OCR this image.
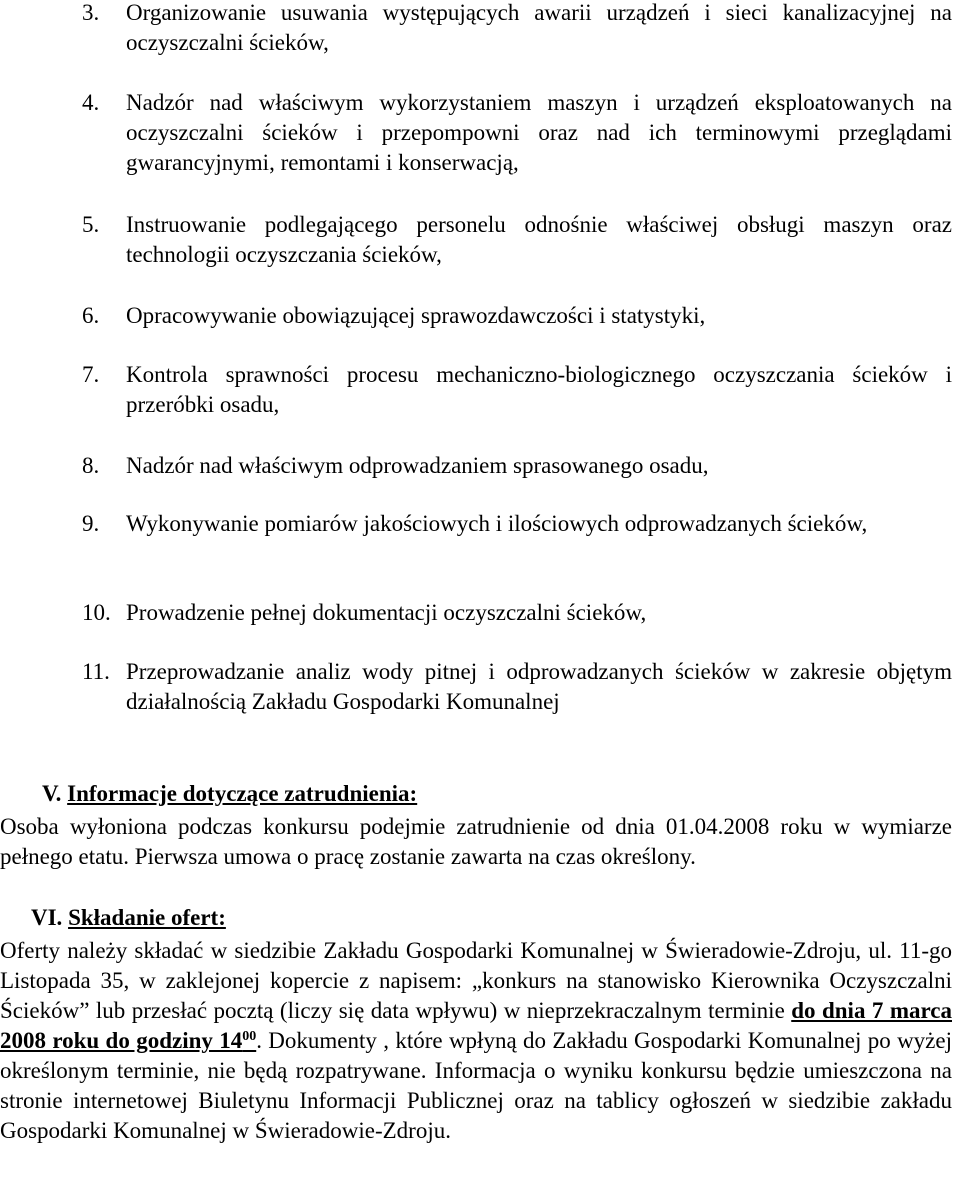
3.	Organizowanie usuwania występujących awarii urządzeń i sieci kanalizacyjnej na oczyszczalni ścieków,
4.	Nadzór nad właściwym wykorzystaniem maszyn i urządzeń eksploatowanych na oczyszczalni ścieków i przepompowni oraz nad ich terminowymi przeglądami gwarancyjnymi, remontami i konserwacją,
5.	Instruowanie podlegającego personelu odnośnie właściwej obsługi maszyn oraz technologii oczyszczania ścieków,
6.	Opracowywanie obowiązującej sprawozdawczości i statystyki,
7.	Kontrola sprawności procesu mechaniczno-biologicznego oczyszczania ścieków i przeróbki osadu,
8.	Nadzór nad właściwym odprowadzaniem sprasowanego osadu,
9.	Wykonywanie pomiarów jakościowych i ilościowych odprowadzanych ścieków,
10. Prowadzenie pełnej dokumentacji oczyszczalni ścieków,
11. Przeprowadzanie analiz wody pitnej i odprowadzanych ścieków w zakresie objętym działalnością Zakładu Gospodarki Komunalnej
V. Informacje dotyczące zatrudnienia:

Osoba wyłoniona podczas konkursu podejmie zatrudnienie od dnia 01.04.2008 roku w wymiarze pełnego etatu. Pierwsza umowa o pracę zostanie zawarta na czas określony.

VI. Składanie ofert:

Oferty należy składać w siedzibie Zakładu Gospodarki Komunalnej w Świeradowie-Zdroju, ul. 11-go Listopada 35, w zaklejonej kopercie z napisem: „konkurs na stanowisko Kierownika Oczyszczalni Ścieków” lub przesłać pocztą (liczy się data wpływu) w nieprzekraczalnym terminie do dnia 7 marca 2008 roku do godziny $14^{00}$. Dokumenty , które wpłyną do Zakładu Gospodarki Komunalnej po wyżej określonym terminie, nie będą rozpatrywane. Informacja o wyniku konkursu będzie umieszczona na stronie internetowej Biuletynu Informacji Publicznej oraz na tablicy ogłoszeń w siedzibie zakładu Gospodarki Komunalnej w Świeradowie-Zdroju.
